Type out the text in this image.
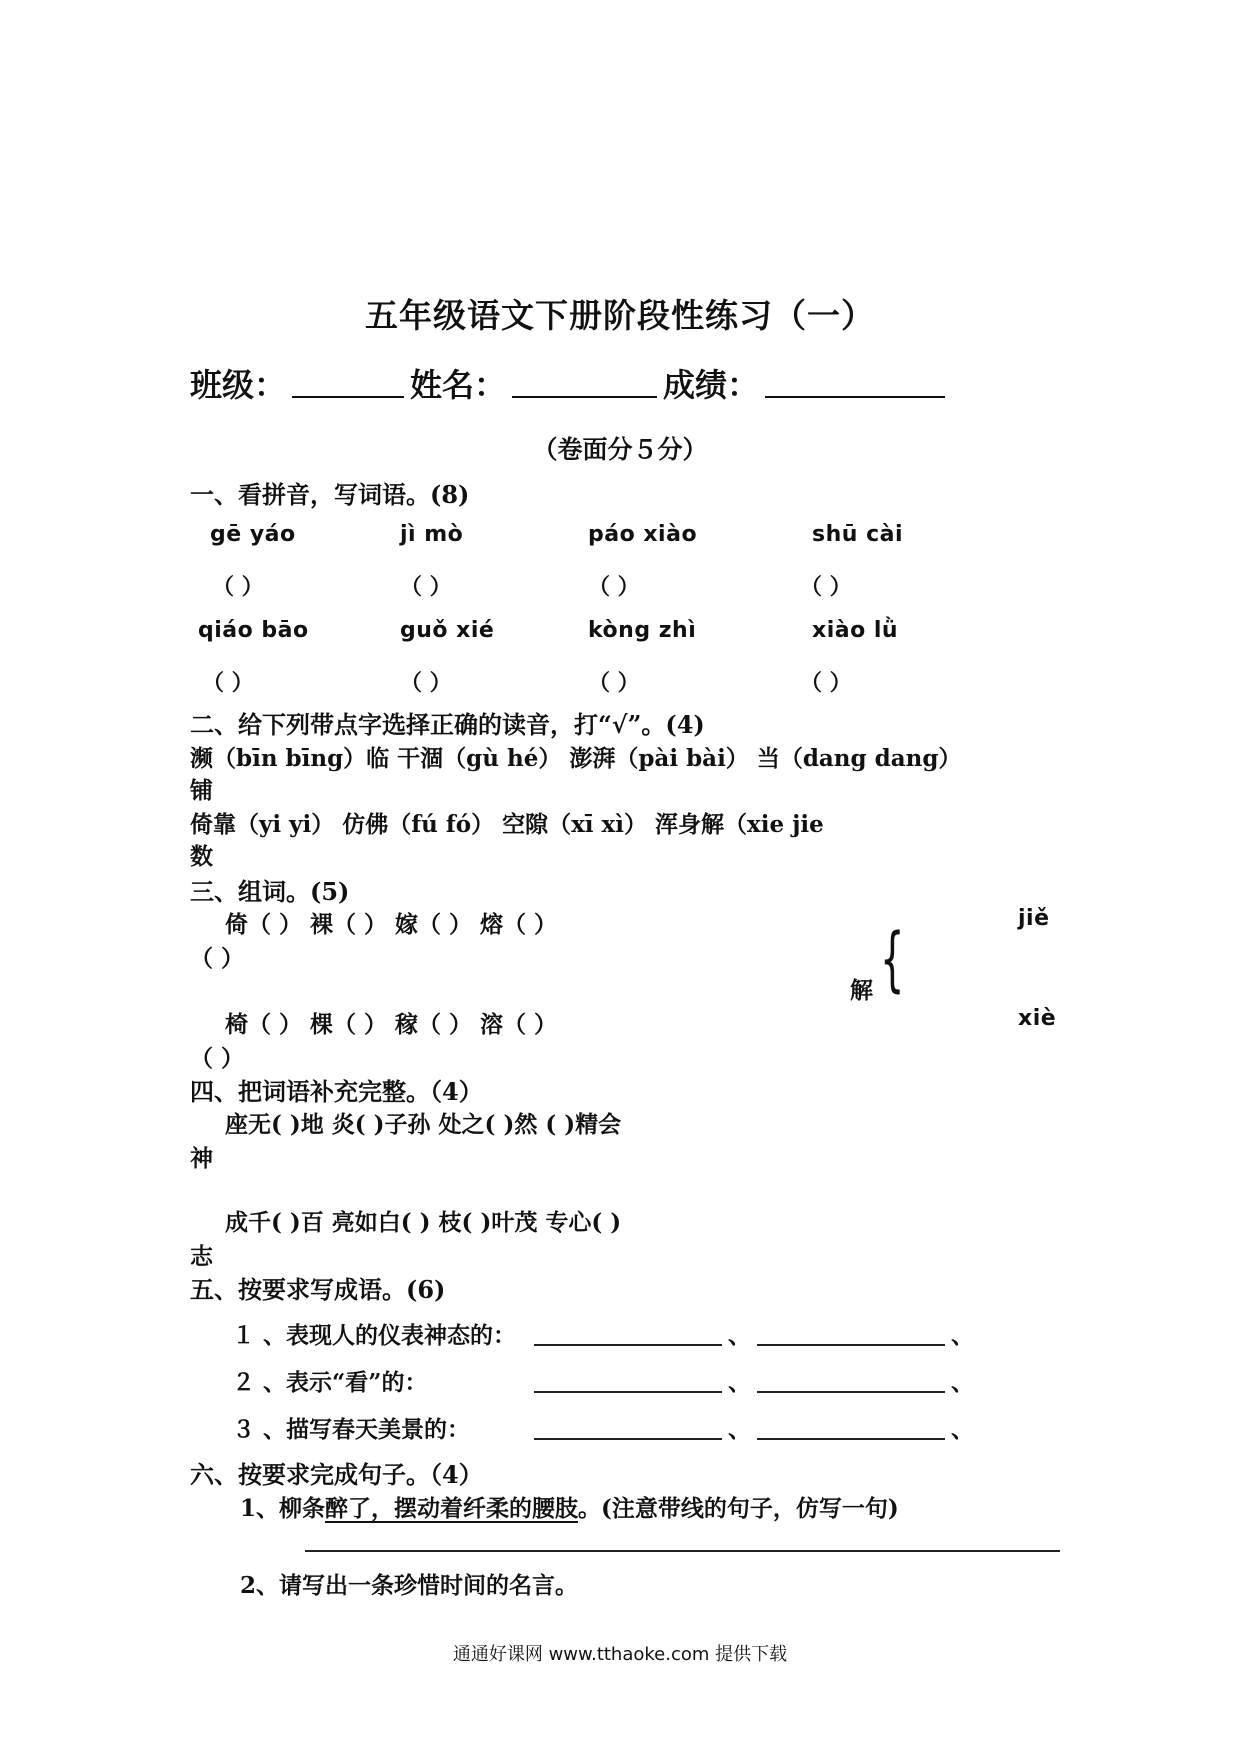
五年级语文下册阶段性练习（一）
班级：	姓名：	成绩：
（卷面分５分）
一、看拼音，写词语。(8)
gē yáo	jì mò	páo xiào	shū cài
（ ）	（ ）	（ ）	（ ）
qiáo bāo	guǒ xié	kòng zhì	xiào lǜ
（ ）	（ ）	（ ）	（ ）
二、给下列带点字选择正确的读音，打“√”。(4)
濒（bīn bīng）临 干涸（gù hé） 澎湃（pài bài） 当（dang dang）
铺
倚靠（yi yi） 仿佛（fú fó） 空隙（xī xì） 浑身解（xie jie
数
三、组词。(5)
倚（ ） 裸（ ） 嫁（ ） 熔（ ）	jiě
（ ）	{
解
椅（ ） 棵（ ） 稼（ ） 溶（ ）	xiè
（ ）
四、把词语补充完整。（4）
座无( )地 炎( )子孙 处之( )然 ( )精会
神
成千( )百 亮如白( ) 枝( )叶茂 专心( )
志
五、按要求写成语。(6)
１ 、表现人的仪表神态的：	、	、
２ 、表示“看”的：	、	、
３ 、描写春天美景的：	、	、
六、按要求完成句子。（4）
1、柳条醉了，摆动着纤柔的腰肢。(注意带线的句子，仿写一句)
2、请写出一条珍惜时间的名言。
通通好课网 www.tthaoke.com 提供下载
